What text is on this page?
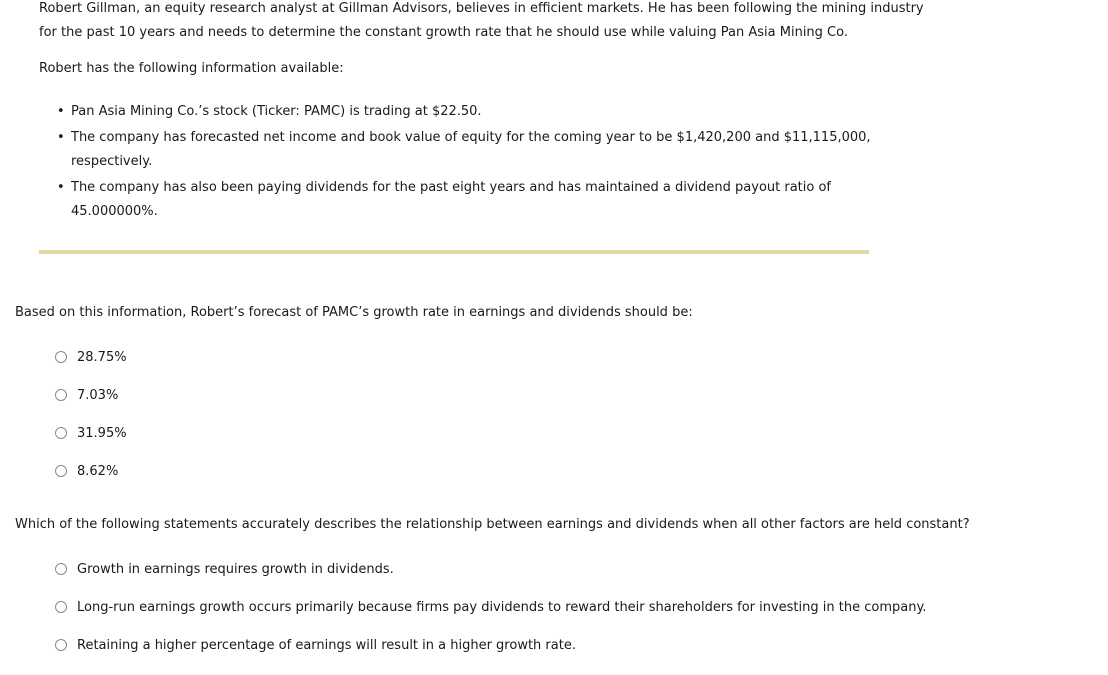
Robert Gillman, an equity research analyst at Gillman Advisors, believes in efficient markets. He has been following the mining industry
for the past 10 years and needs to determine the constant growth rate that he should use while valuing Pan Asia Mining Co.
Robert has the following information available:
• Pan Asia Mining Co.’s stock (Ticker: PAMC) is trading at $22.50.
• The company has forecasted net income and book value of equity for the coming year to be $1,420,200 and $11,115,000,
respectively.
• The company has also been paying dividends for the past eight years and has maintained a dividend payout ratio of
45.000000%.
Based on this information, Robert’s forecast of PAMC’s growth rate in earnings and dividends should be:
28.75%
7.03%
31.95%
8.62%
Which of the following statements accurately describes the relationship between earnings and dividends when all other factors are held constant?
Growth in earnings requires growth in dividends.
Long-run earnings growth occurs primarily because firms pay dividends to reward their shareholders for investing in the company.
Retaining a higher percentage of earnings will result in a higher growth rate.
